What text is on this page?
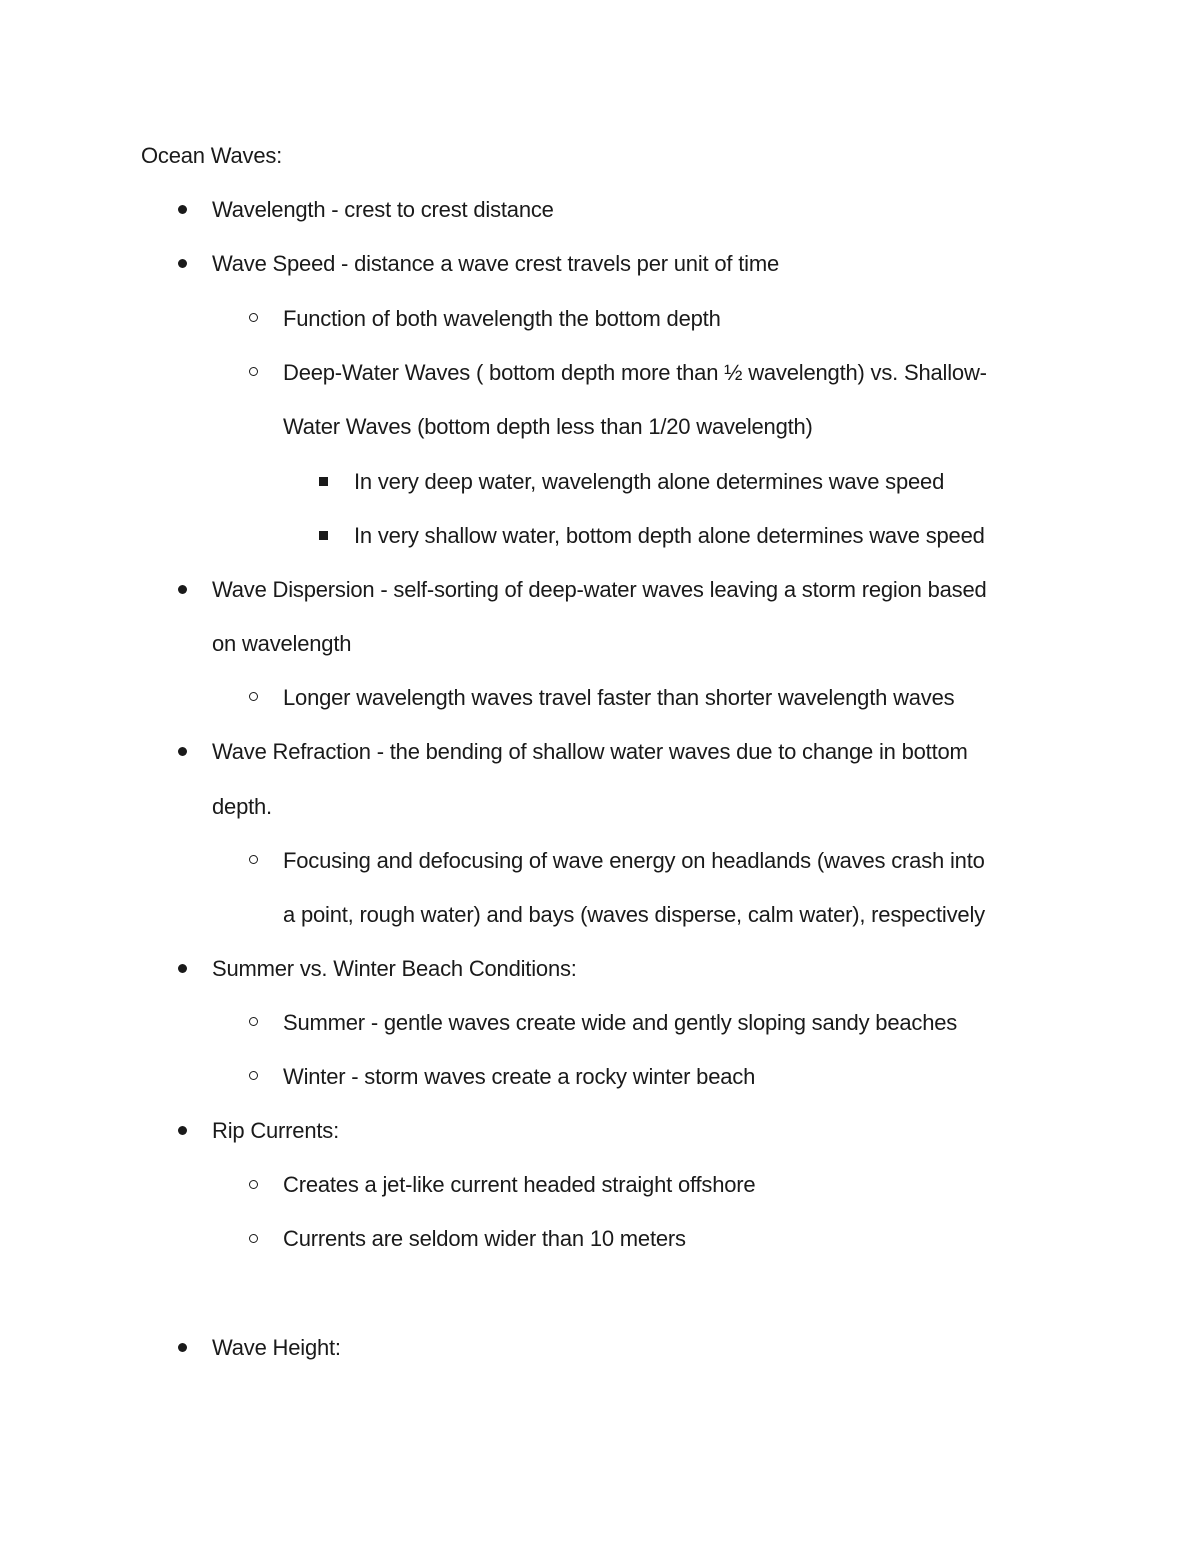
Ocean Waves:
Wavelength - crest to crest distance
Wave Speed - distance a wave crest travels per unit of time
Function of both wavelength the bottom depth
Deep-Water Waves ( bottom depth more than ½ wavelength) vs. Shallow-
Water Waves (bottom depth less than 1/20 wavelength)
In very deep water, wavelength alone determines wave speed
In very shallow water, bottom depth alone determines wave speed
Wave Dispersion - self-sorting of deep-water waves leaving a storm region based
on wavelength
Longer wavelength waves travel faster than shorter wavelength waves
Wave Refraction - the bending of shallow water waves due to change in bottom
depth.
Focusing and defocusing of wave energy on headlands (waves crash into
a point, rough water) and bays (waves disperse, calm water), respectively
Summer vs. Winter Beach Conditions:
Summer - gentle waves create wide and gently sloping sandy beaches
Winter - storm waves create a rocky winter beach
Rip Currents:
Creates a jet-like current headed straight offshore
Currents are seldom wider than 10 meters
Wave Height:
